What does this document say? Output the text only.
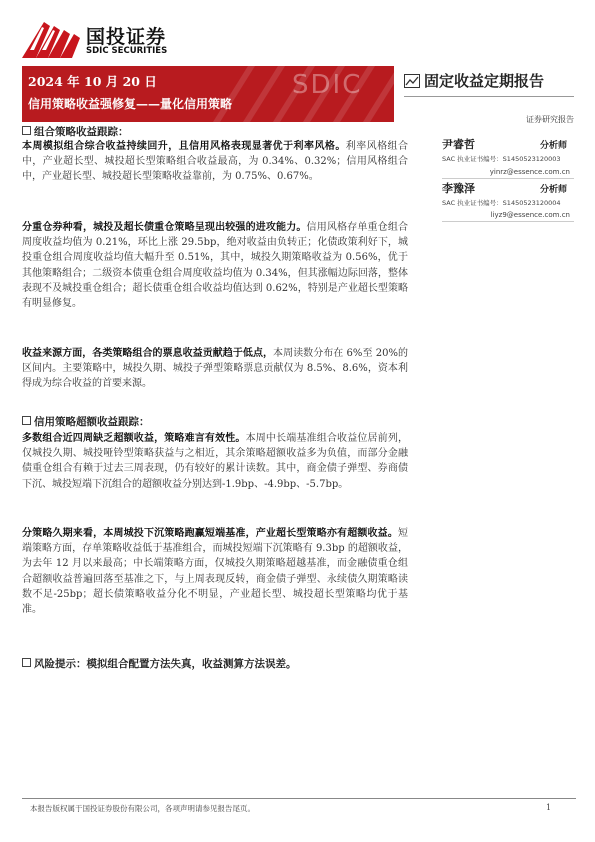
国投证券
SDIC SECURITIES
SDIC
2024 年 10 月 20 日
信用策略收益强修复——量化信用策略
固定收益定期报告
证券研究报告
组合策略收益跟踪：

本周模拟组合综合收益持续回升，且信用风格表现显著优于利率风格。利率风格组合中，产业超长型、城投超长型策略组合收益最高，为 0.34%、0.32%；信用风格组合中，产业超长型、城投超长型策略收益靠前，为 0.75%、0.67%。

分重仓券种看，城投及超长债重仓策略呈现出较强的进攻能力。信用风格存单重仓组合周度收益均值为 0.21%，环比上涨 29.5bp，绝对收益由负转正；化债政策利好下，城投重仓组合周度收益均值大幅升至 0.51%，其中，城投久期策略收益为 0.56%，优于其他策略组合；二级资本债重仓组合周度收益均值为 0.34%，但其涨幅边际回落，整体表现不及城投重仓组合；超长债重仓组合收益均值达到 0.62%，特别是产业超长型策略有明显修复。

收益来源方面，各类策略组合的票息收益贡献趋于低点，本周读数分布在 6%至 20%的区间内。主要策略中，城投久期、城投子弹型策略票息贡献仅为 8.5%、8.6%，资本利得成为综合收益的首要来源。

信用策略超额收益跟踪：

多数组合近四周缺乏超额收益，策略难言有效性。本周中长端基准组合收益位居前列，仅城投久期、城投哑铃型策略获益与之相近，其余策略超额收益多为负值，而部分金融债重仓组合有赖于过去三周表现，仍有较好的累计读数。其中，商金债子弹型、券商债下沉、城投短端下沉组合的超额收益分别达到-1.9bp、-4.9bp、-5.7bp。

分策略久期来看，本周城投下沉策略跑赢短端基准，产业超长型策略亦有超额收益。短端策略方面，存单策略收益低于基准组合，而城投短端下沉策略有 9.3bp 的超额收益，为去年 12 月以来最高；中长端策略方面，仅城投久期策略超越基准，而金融债重仓组合超额收益普遍回落至基准之下，与上周表现反转，商金债子弹型、永续债久期策略读数不足-25bp；超长债策略收益分化不明显，产业超长型、城投超长型策略均优于基准。

风险提示：模拟组合配置方法失真，收益测算方法误差。
尹睿哲	分析师
SAC 执业证书编号：S1450523120003
yinrz@essence.com.cn
李豫泽	分析师
SAC 执业证书编号：S1450523120004
liyz9@essence.com.cn
本报告版权属于国投证券股份有限公司，各项声明请参见报告尾页。	1
